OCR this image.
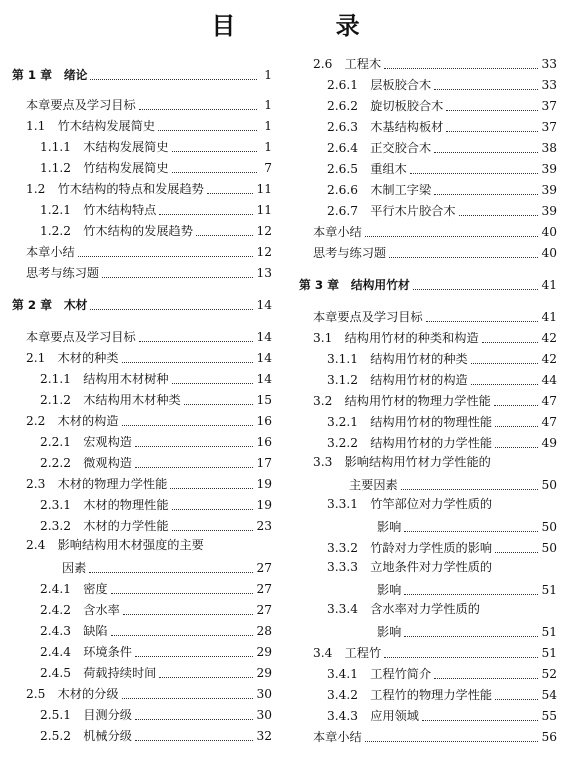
目 录
第 1 章　绪论	1
本章要点及学习目标	1
1.1　竹木结构发展简史	1
1.1.1　木结构发展简史	1
1.1.2　竹结构发展简史	7
1.2　竹木结构的特点和发展趋势	11
1.2.1　竹木结构特点	11
1.2.2　竹木结构的发展趋势	12
本章小结	12
思考与练习题	13
第 2 章　木材	14
本章要点及学习目标	14
2.1　木材的种类	14
2.1.1　结构用木材树种	14
2.1.2　木结构用木材种类	15
2.2　木材的构造	16
2.2.1　宏观构造	16
2.2.2　微观构造	17
2.3　木材的物理力学性能	19
2.3.1　木材的物理性能	19
2.3.2　木材的力学性能	23
2.4　影响结构用木材强度的主要
因素	27
2.4.1　密度	27
2.4.2　含水率	27
2.4.3　缺陷	28
2.4.4　环境条件	29
2.4.5　荷载持续时间	29
2.5　木材的分级	30
2.5.1　目测分级	30
2.5.2　机械分级	32
2.6　工程木	33
2.6.1　层板胶合木	33
2.6.2　旋切板胶合木	37
2.6.3　木基结构板材	37
2.6.4　正交胶合木	38
2.6.5　重组木	39
2.6.6　木制工字梁	39
2.6.7　平行木片胶合木	39
本章小结	40
思考与练习题	40
第 3 章　结构用竹材	41
本章要点及学习目标	41
3.1　结构用竹材的种类和构造	42
3.1.1　结构用竹材的种类	42
3.1.2　结构用竹材的构造	44
3.2　结构用竹材的物理力学性能	47
3.2.1　结构用竹材的物理性能	47
3.2.2　结构用竹材的力学性能	49
3.3　影响结构用竹材力学性能的
主要因素	50
3.3.1　竹竿部位对力学性质的
影响	50
3.3.2　竹龄对力学性质的影响	50
3.3.3　立地条件对力学性质的
影响	51
3.3.4　含水率对力学性质的
影响	51
3.4　工程竹	51
3.4.1　工程竹简介	52
3.4.2　工程竹的物理力学性能	54
3.4.3　应用领域	55
本章小结	56
